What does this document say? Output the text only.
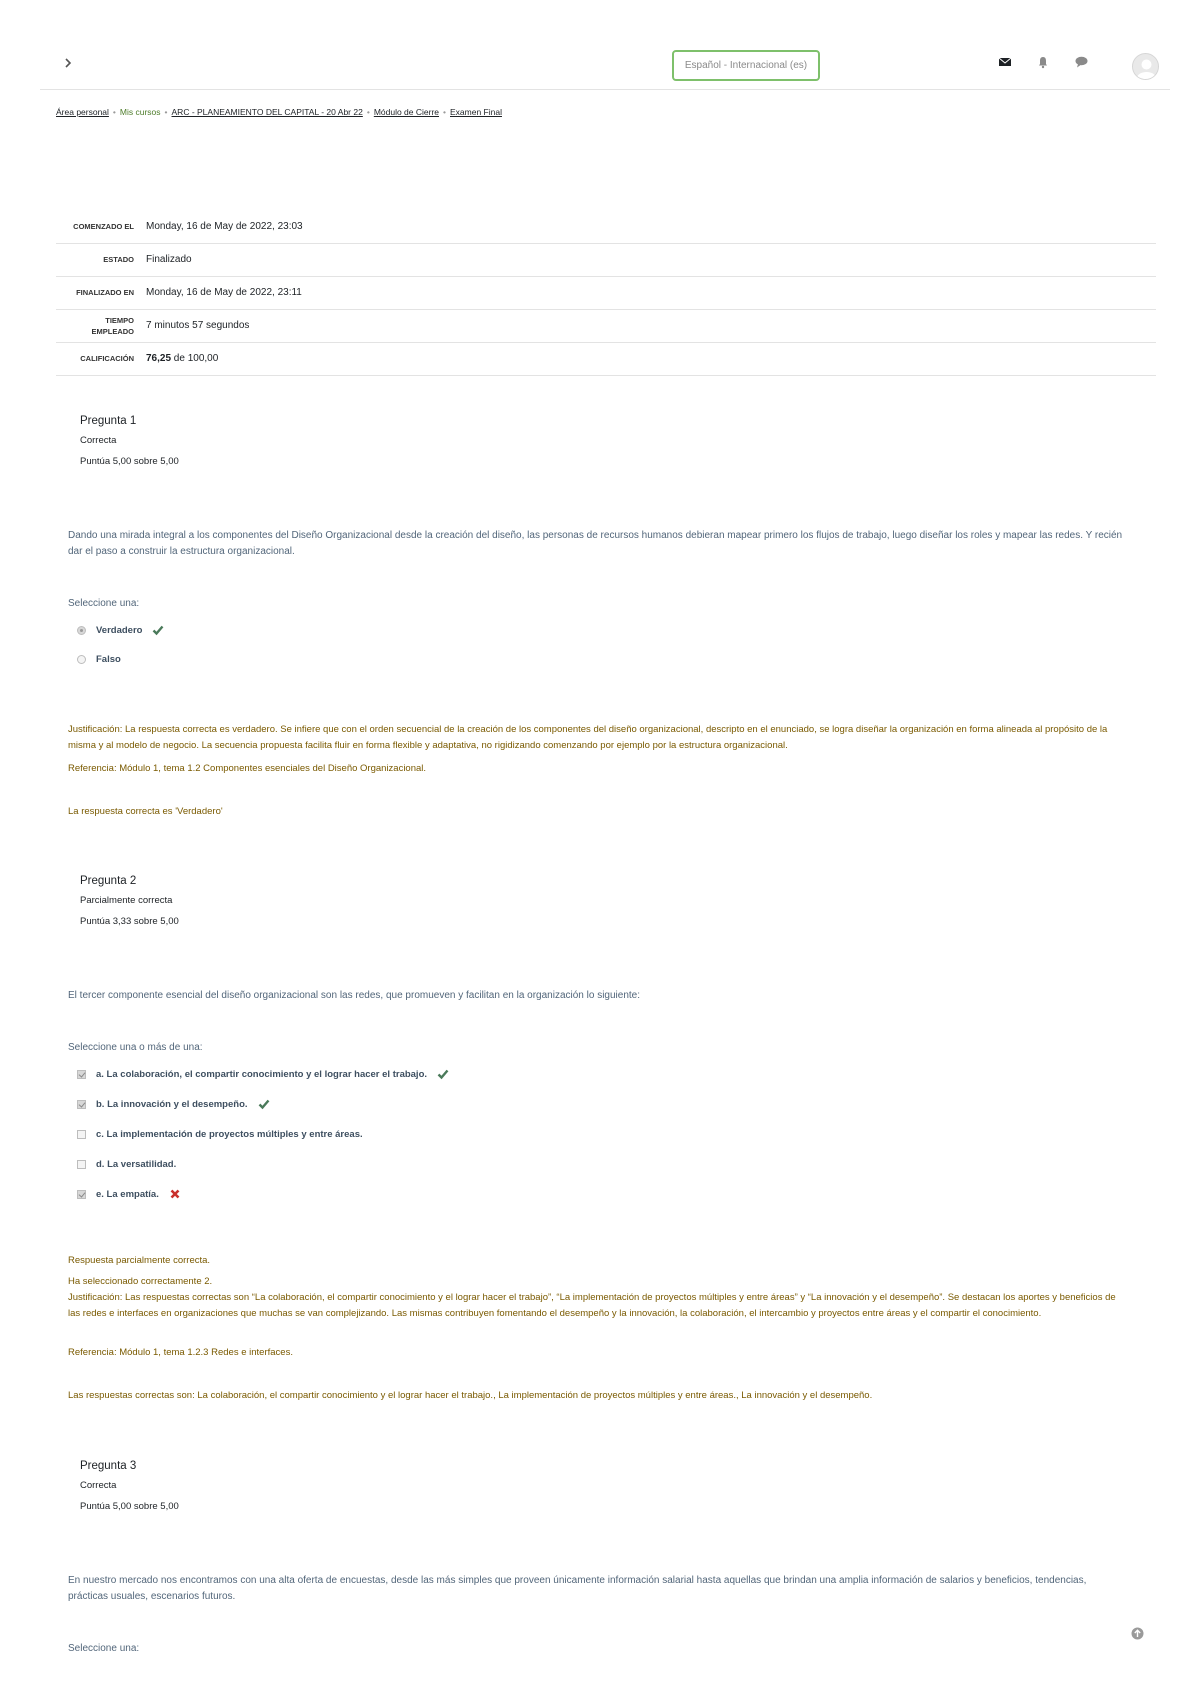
Español - Internacional (es)
Área personal • Mis cursos • ARC - PLANEAMIENTO DEL CAPITAL - 20 Abr 22 • Módulo de Cierre • Examen Final
COMENZADO EL	Monday, 16 de May de 2022, 23:03
ESTADO	Finalizado
FINALIZADO EN	Monday, 16 de May de 2022, 23:11
TIEMPO
EMPLEADO	7 minutos 57 segundos
CALIFICACIÓN	76,25 de 100,00
Pregunta 1
Correcta
Puntúa 5,00 sobre 5,00
Dando una mirada integral a los componentes del Diseño Organizacional desde la creación del diseño, las personas de recursos humanos debieran mapear primero los flujos de trabajo, luego diseñar los roles y mapear las redes. Y recién dar el paso a construir la estructura organizacional.
Seleccione una:
Verdadero
Falso
Justificación: La respuesta correcta es verdadero. Se infiere que con el orden secuencial de la creación de los componentes del diseño organizacional, descripto en el enunciado, se logra diseñar la organización en forma alineada al propósito de la misma y al modelo de negocio. La secuencia propuesta facilita fluir en forma flexible y adaptativa, no rigidizando comenzando por ejemplo por la estructura organizacional.
Referencia: Módulo 1, tema 1.2 Componentes esenciales del Diseño Organizacional.
La respuesta correcta es 'Verdadero'
Pregunta 2
Parcialmente correcta
Puntúa 3,33 sobre 5,00
El tercer componente esencial del diseño organizacional son las redes, que promueven y facilitan en la organización lo siguiente:
Seleccione una o más de una:
a. La colaboración, el compartir conocimiento y el lograr hacer el trabajo.
b. La innovación y el desempeño.
c. La implementación de proyectos múltiples y entre áreas.
d. La versatilidad.
e. La empatía.
Respuesta parcialmente correcta.
Ha seleccionado correctamente 2.
Justificación: Las respuestas correctas son “La colaboración, el compartir conocimiento y el lograr hacer el trabajo”, “La implementación de proyectos múltiples y entre áreas” y “La innovación y el desempeño”. Se destacan los aportes y beneficios de las redes e interfaces en organizaciones que muchas se van complejizando. Las mismas contribuyen fomentando el desempeño y la innovación, la colaboración, el intercambio y proyectos entre áreas y el compartir el conocimiento.
Referencia: Módulo 1, tema 1.2.3 Redes e interfaces.
Las respuestas correctas son: La colaboración, el compartir conocimiento y el lograr hacer el trabajo., La implementación de proyectos múltiples y entre áreas., La innovación y el desempeño.
Pregunta 3
Correcta
Puntúa 5,00 sobre 5,00
En nuestro mercado nos encontramos con una alta oferta de encuestas, desde las más simples que proveen únicamente información salarial hasta aquellas que brindan una amplia información de salarios y beneficios, tendencias, prácticas usuales, escenarios futuros.
Seleccione una:
